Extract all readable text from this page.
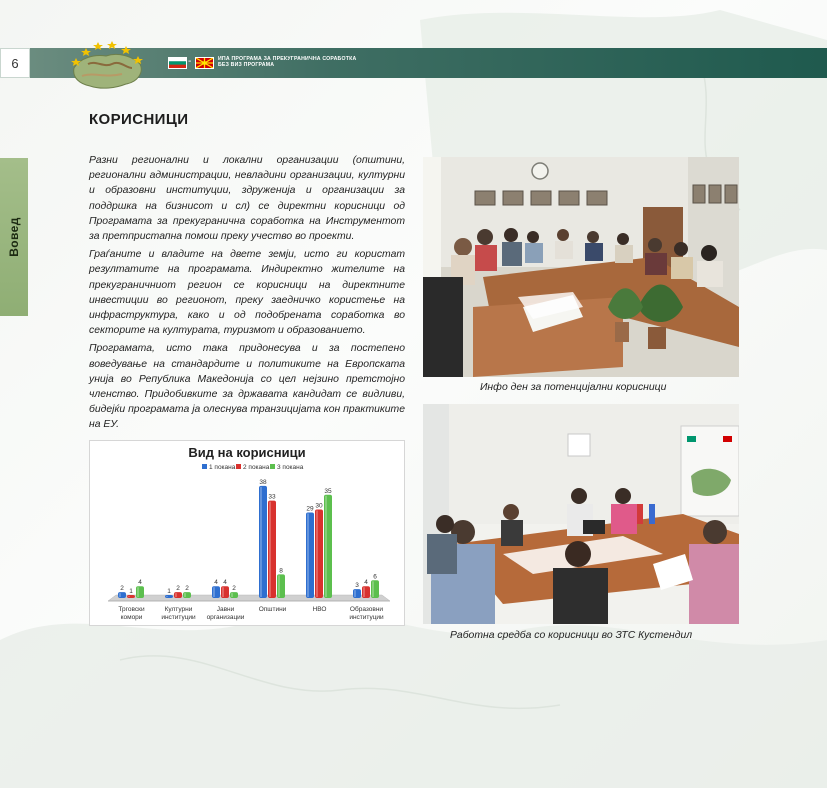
6	-	ИПА ПРОГРАМА ЗА ПРЕКУГРАНИЧНА СОРАБОТКА БЕЗ ВИЗ ПРОГРАМА
Вовед
КОРИСНИЦИ

Разни регионални и локални организации (општини, регионални администрации, невладини организации, културни и образовни институции, здруженија и организации за поддршка на бизнисот и сл) се директни корисници од Програмата за прекугранична соработка на Инструментот за претпристапна помош преку учество во проекти.

Граѓаните и владите на двете земји, исто ги користат резултатите на програмата. Индиректно жителите на прекуграничниот регион се корисници на директните инвестиции во регионот, преку заедничко користење на инфраструктура, како и од подобрената соработка во секторите на културата, туризмот и образованието.

Програмата, исто така придонесува и за постепено воведување на стандардите и политиките на Европската унија во Република Македонија со цел нејзино претстојно членство. Придобивките за државата кандидат се видливи, бидејќи програмата ја олеснува транзицијата кон практиките на ЕУ.

Вид на корисници
1 покана 2 покана 3 покана
2 1
4
Трговски
комори
1 2 2
Културни
институции
4 4
2
Јавни
организации
38
33
8
Општини
29 30
35
НВО
3 4
6
Образовни
институции
Инфо ден за потенцијални корисници
Работна средба со корисници во ЗТС Кустендил
